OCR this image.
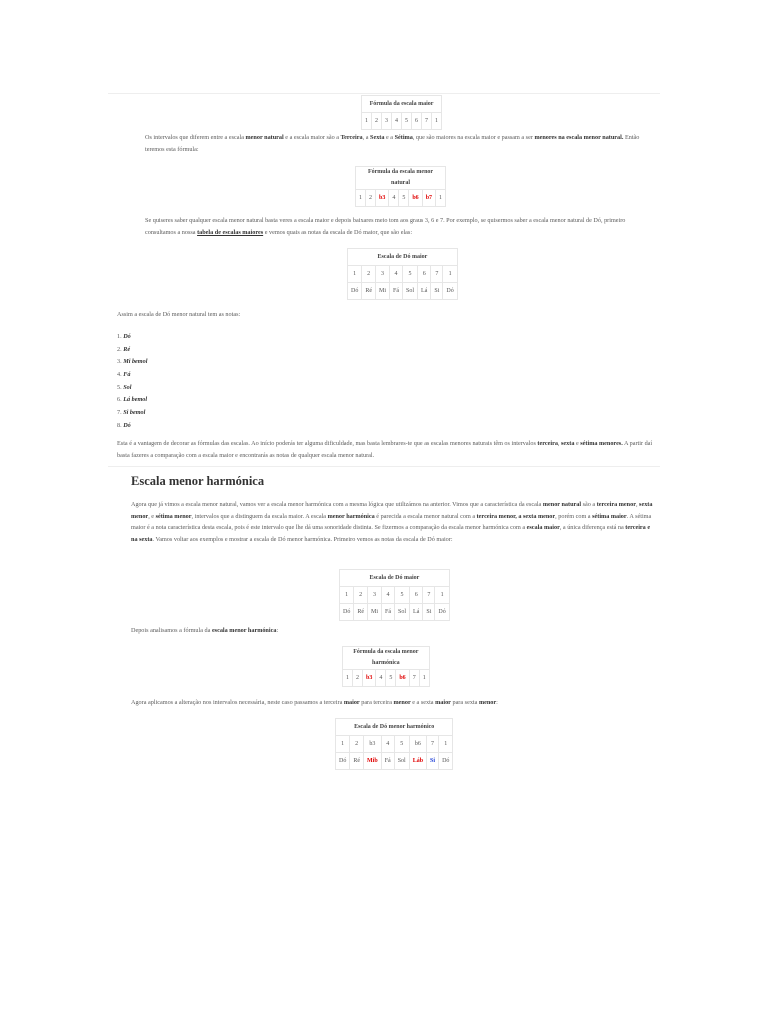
Fórmula da escala maior
1	2	3	4	5	6	7	1
Os intervalos que diferem entre a escala menor natural e a escala maior são a Terceira, a Sexta e a Sétima, que são maiores na escala maior e passam a ser menores na escala menor natural. Então teremos esta fórmula:
Fórmula da escala menor
natural
1	2	b3	4	5	b6	b7	1
Se quiseres saber qualquer escala menor natural basta veres a escala maior e depois baixares meio tom aos graus 3, 6 e 7. Por exemplo, se quisermos saber a escala menor natural de Dó, primeiro consultamos a nossa tabela de escalas maiores e vemos quais as notas da escala de Dó maior, que são elas:
Escala de Dó maior							
1	2	3	4	5	6	7	1
Dó	Ré	Mi	Fá	Sol	Lá	Si	Dó
Assim a escala de Dó menor natural tem as notas:
1. Dó
2. Ré
3. Mi bemol
4. Fá
5. Sol
6. Lá bemol
7. Si bemol
8. Dó
Esta é a vantagem de decorar as fórmulas das escalas. Ao início poderás ter alguma dificuldade, mas basta lembrares-te que as escalas menores naturais têm os intervalos terceira, sexta e sétima menores. A partir daí basta fazeres a comparação com a escala maior e encontrarás as notas de qualquer escala menor natural.
Escala menor harmónica
Agora que já vimos a escala menor natural, vamos ver a escala menor harmónica com a mesma lógica que utilizámos na anterior. Vimos que a característica da escala menor natural são a terceira menor, sexta menor, e sétima menor, intervalos que a distinguem da escala maior. A escala menor harmónica é parecida a escala menor natural com a terceira menor, a sexta menor, porém com a sétima maior. A sétima maior é a nota característica desta escala, pois é este intervalo que lhe dá uma sonoridade distinta. Se fizermos a comparação da escala menor harmónica com a escala maior, a única diferença está na terceira e na sexta. Vamos voltar aos exemplos e mostrar a escala de Dó menor harmónica. Primeiro vemos as notas da escala de Dó maior:
Escala de Dó maior							
1	2	3	4	5	6	7	1
Dó	Ré	Mi	Fá	Sol	Lá	Si	Dó
Depois analisamos a fórmula da escala menor harmónica:
Fórmula da escala menor
harmónica
1	2	b3	4	5	b6	7	1
Agora aplicamos a alteração nos intervalos necessária, neste caso passamos a terceira maior para terceira menor e a sexta maior para sexta menor:
Escala de Dó menor harmónico							
1	2	b3	4	5	b6	7	1
Dó	Ré	Mib	Fá	Sol	Láb	Si	Dó
